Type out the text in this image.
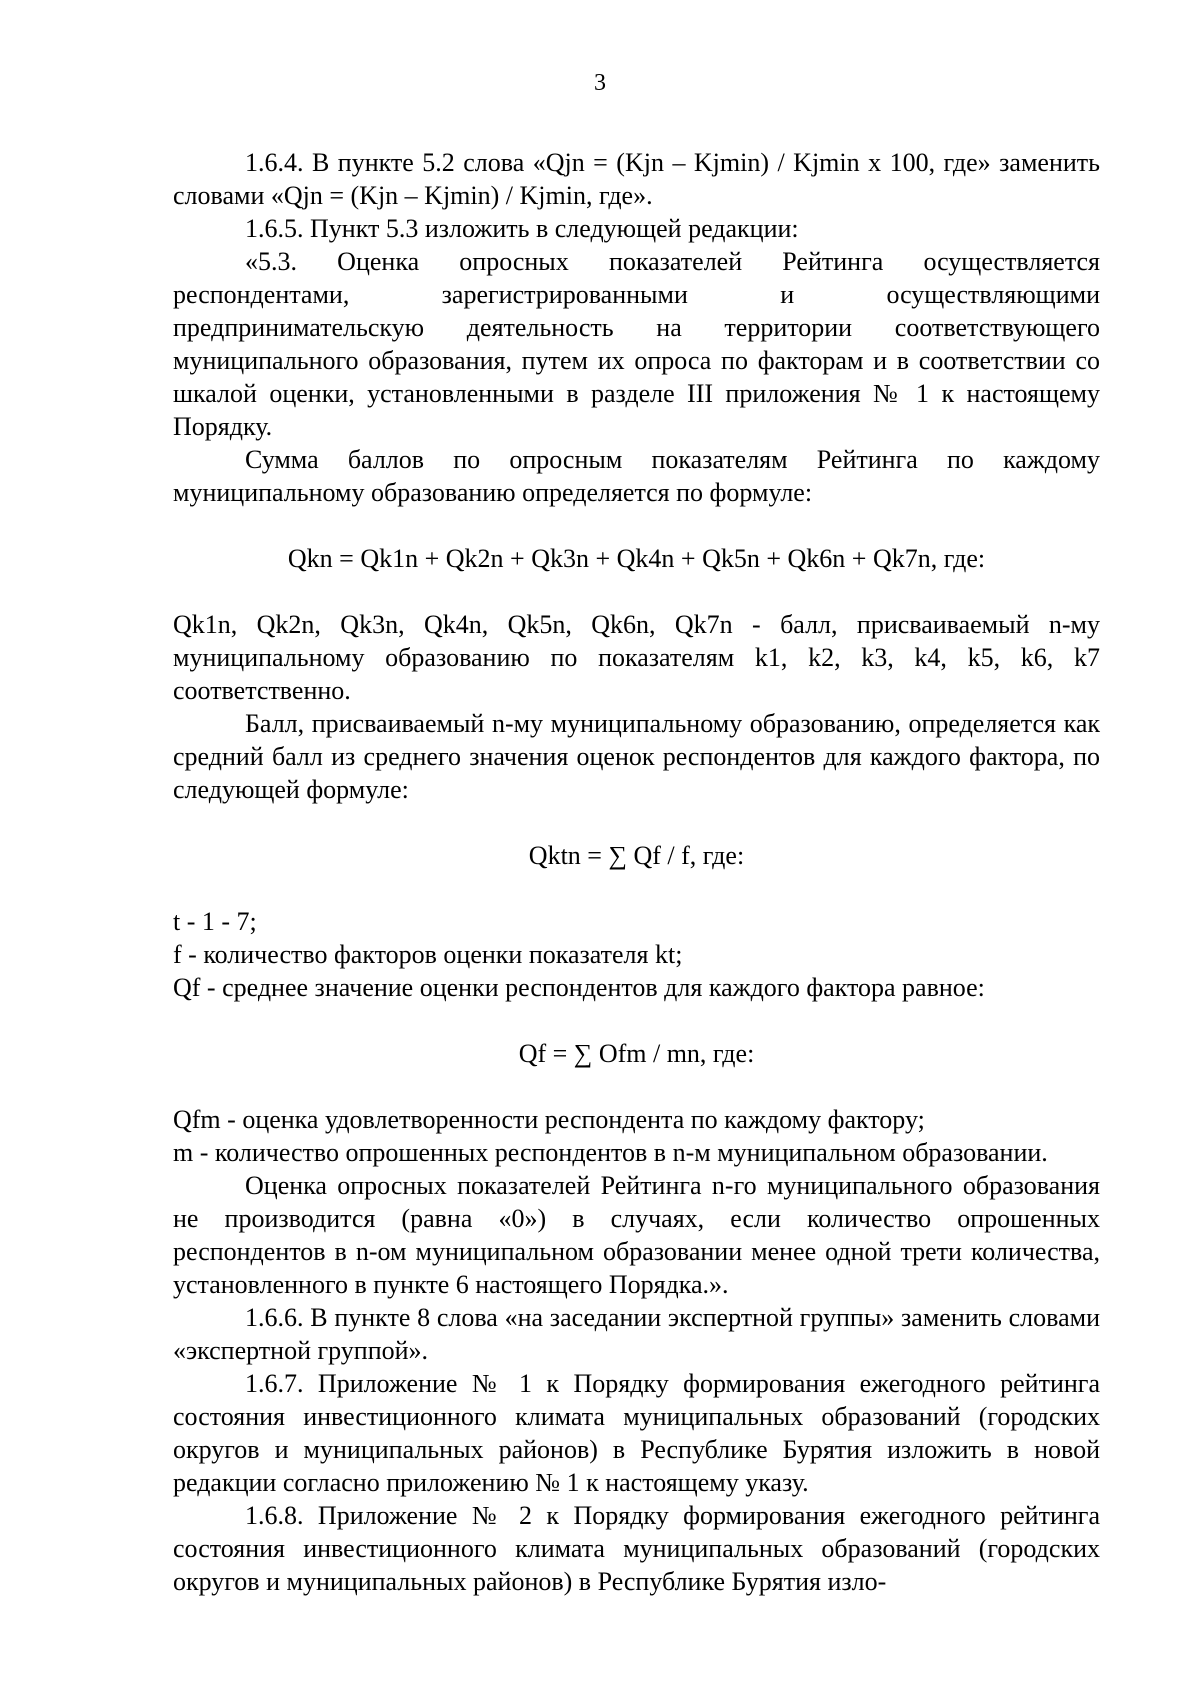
3

1.6.4. В пункте 5.2 слова «Qjn = (Kjn – Kjmin) / Kjmin х 100, где» заменить словами «Qjn = (Kjn – Kjmin) / Kjmin, где».

1.6.5. Пункт 5.3 изложить в следующей редакции:

«5.3. Оценка опросных показателей Рейтинга осуществляется респондентами, зарегистрированными и осуществляющими предпринимательскую деятельность на территории соответствующего муниципального образования, путем их опроса по факторам и в соответствии со шкалой оценки, установленными в разделе III приложения № 1 к настоящему Порядку.

Сумма баллов по опросным показателям Рейтинга по каждому муниципальному образованию определяется по формуле:

Qkn = Qk1n + Qk2n + Qk3n + Qk4n + Qk5n + Qk6n + Qk7n, где:

Qk1n, Qk2n, Qk3n, Qk4n, Qk5n, Qk6n, Qk7n - балл, присваиваемый n-му муниципальному образованию по показателям k1, k2, k3, k4, k5, k6, k7 соответственно.

Балл, присваиваемый n-му муниципальному образованию, определяется как средний балл из среднего значения оценок респондентов для каждого фактора, по следующей формуле:

Qktn = ∑ Qf / f, где:

t - 1 - 7;

f - количество факторов оценки показателя kt;

Qf - среднее значение оценки респондентов для каждого фактора равное:

Qf = ∑ Ofm / mn, где:

Qfm - оценка удовлетворенности респондента по каждому фактору;

m - количество опрошенных респондентов в n-м муниципальном образовании.

Оценка опросных показателей Рейтинга n-го муниципального образования не производится (равна «0») в случаях, если количество опрошенных респондентов в n-ом муниципальном образовании менее одной трети количества, установленного в пункте 6 настоящего Порядка.».

1.6.6. В пункте 8 слова «на заседании экспертной группы» заменить словами «экспертной группой».

1.6.7. Приложение № 1 к Порядку формирования ежегодного рейтинга состояния инвестиционного климата муниципальных образований (городских округов и муниципальных районов) в Республике Бурятия изложить в новой редакции согласно приложению № 1 к настоящему указу.

1.6.8. Приложение № 2 к Порядку формирования ежегодного рейтинга состояния инвестиционного климата муниципальных образований (городских округов и муниципальных районов) в Республике Бурятия изло-
